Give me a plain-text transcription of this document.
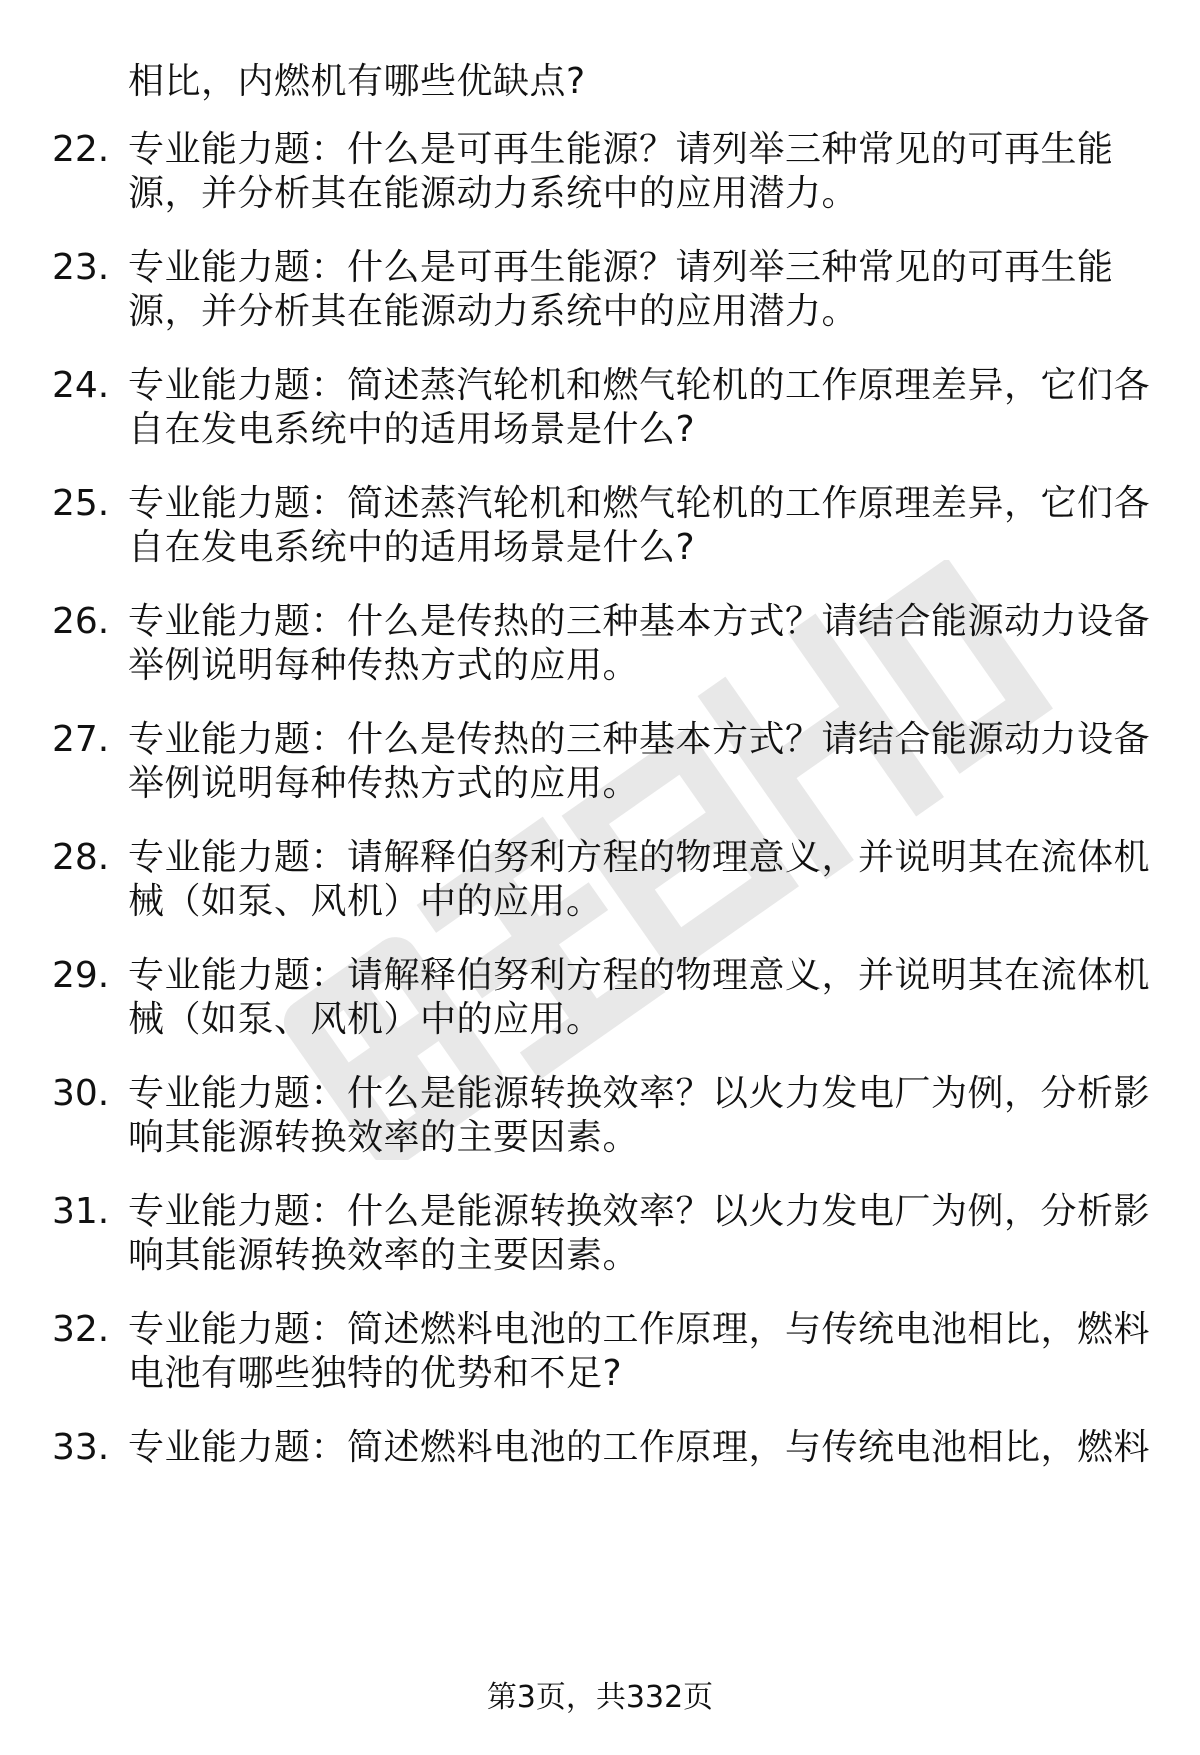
22. 专业能力题：什么是可再生能源？请列举三种常见的可再生能
源，并分析其在能源动力系统中的应用潜力。
23. 专业能力题：什么是可再生能源？请列举三种常见的可再生能
源，并分析其在能源动力系统中的应用潜力。
24. 专业能力题：简述蒸汽轮机和燃气轮机的工作原理差异，它们各
自在发电系统中的适用场景是什么?
25. 专业能力题：简述蒸汽轮机和燃气轮机的工作原理差异，它们各
自在发电系统中的适用场景是什么?
26. 专业能力题：什么是传热的三种基本方式？请结合能源动力设备
举例说明每种传热方式的应用。
27. 专业能力题：什么是传热的三种基本方式？请结合能源动力设备
举例说明每种传热方式的应用。
28. 专业能力题：请解释伯努利方程的物理意义，并说明其在流体机
械（如泵、风机）中的应用。
29. 专业能力题：请解释伯努利方程的物理意义，并说明其在流体机
械（如泵、风机）中的应用。
30. 专业能力题：什么是能源转换效率？以火力发电厂为例，分析影
响其能源转换效率的主要因素。
31. 专业能力题：什么是能源转换效率？以火力发电厂为例，分析影
响其能源转换效率的主要因素。
32. 专业能力题：简述燃料电池的工作原理，与传统电池相比，燃料
电池有哪些独特的优势和不足?
33. 专业能力题：简述燃料电池的工作原理，与传统电池相比，燃料
相比，内燃机有哪些优缺点?
第3页，共332页
